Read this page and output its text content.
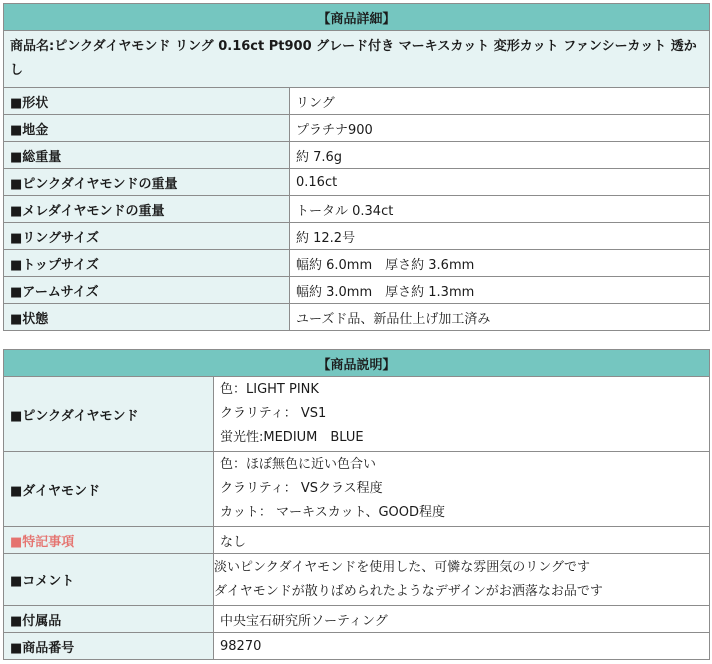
【商品詳細】	
商品名:ピンクダイヤモンド リング 0.16ct Pt900 グレード付き マーキスカット 変形カット ファンシーカット 透かし	
■形状	リング
■地金	プラチナ900
■総重量	約 7.6g
■ピンクダイヤモンドの重量	0.16ct
■メレダイヤモンドの重量	トータル 0.34ct
■リングサイズ	約 12.2号
■トップサイズ	幅約 6.0mm　厚さ約 3.6mm
■アームサイズ	幅約 3.0mm　厚さ約 1.3mm
■状態	ユーズド品、新品仕上げ加工済み
【商品説明】	
■ピンクダイヤモンド	色：LIGHT PINK
クラリティ： VS1
蛍光性:MEDIUM　BLUE

■ダイヤモンド	色：ほぼ無色に近い色合い
クラリティ： VSクラス程度
カット： マーキスカット、GOOD程度

■特記事項	なし
■コメント	淡いピンクダイヤモンドを使用した、可憐な雰囲気のリングです
ダイヤモンドが散りばめられたようなデザインがお洒落なお品です

■付属品	中央宝石研究所ソーティング
■商品番号	98270
